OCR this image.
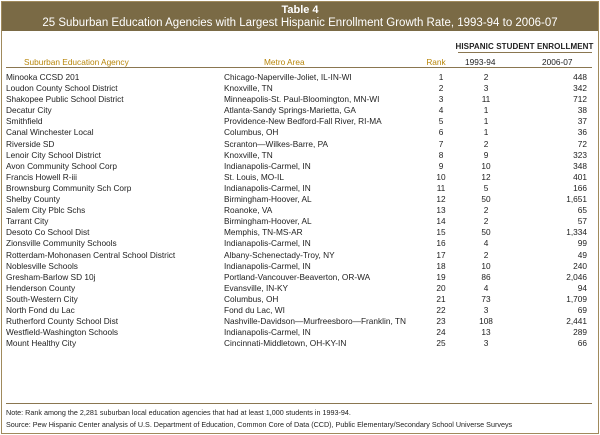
Table 4
25 Suburban Education Agencies with Largest Hispanic Enrollment Growth Rate, 1993-94 to 2006-07
HISPANIC STUDENT ENROLLMENT
Suburban Education Agency	Metro Area	Rank	1993-94	2006-07
Minooka CCSD 201	Chicago-Naperville-Joliet, IL-IN-WI	1	2	448
Loudon County School District	Knoxville, TN	2	3	342
Shakopee Public School District	Minneapolis-St. Paul-Bloomington, MN-WI	3	11	712
Decatur City	Atlanta-Sandy Springs-Marietta, GA	4	1	38
Smithfield	Providence-New Bedford-Fall River, RI-MA	5	1	37
Canal Winchester Local	Columbus, OH	6	1	36
Riverside SD	Scranton—Wilkes-Barre, PA	7	2	72
Lenoir City School District	Knoxville, TN	8	9	323
Avon Community School Corp	Indianapolis-Carmel, IN	9	10	348
Francis Howell R-iii	St. Louis, MO-IL	10	12	401
Brownsburg Community Sch Corp	Indianapolis-Carmel, IN	11	5	166
Shelby County	Birmingham-Hoover, AL	12	50	1,651
Salem City Pblc Schs	Roanoke, VA	13	2	65
Tarrant City	Birmingham-Hoover, AL	14	2	57
Desoto Co School Dist	Memphis, TN-MS-AR	15	50	1,334
Zionsville Community Schools	Indianapolis-Carmel, IN	16	4	99
Rotterdam-Mohonasen Central School District	Albany-Schenectady-Troy, NY	17	2	49
Noblesville Schools	Indianapolis-Carmel, IN	18	10	240
Gresham-Barlow SD 10j	Portland-Vancouver-Beaverton, OR-WA	19	86	2,046
Henderson County	Evansville, IN-KY	20	4	94
South-Western City	Columbus, OH	21	73	1,709
North Fond du Lac	Fond du Lac, WI	22	3	69
Rutherford County School Dist	Nashville-Davidson—Murfreesboro—Franklin, TN	23	108	2,441
Westfield-Washington Schools	Indianapolis-Carmel, IN	24	13	289
Mount Healthy City	Cincinnati-Middletown, OH-KY-IN	25	3	66
Note: Rank among the 2,281 suburban local education agencies that had at least 1,000 students in 1993-94.
Source: Pew Hispanic Center analysis of U.S. Department of Education, Common Core of Data (CCD), Public Elementary/Secondary School Universe Surveys
